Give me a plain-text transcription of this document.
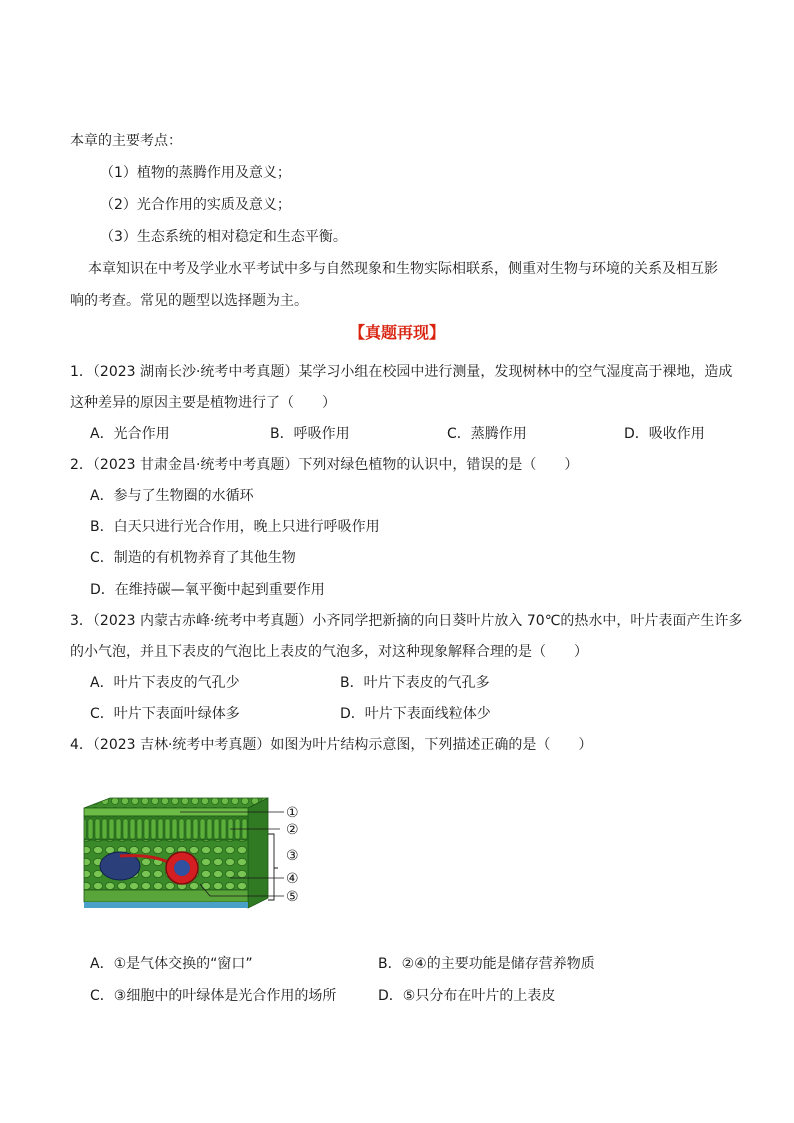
本章的主要考点：
（1）植物的蒸腾作用及意义；
（2）光合作用的实质及意义；
（3）生态系统的相对稳定和生态平衡。
本章知识在中考及学业水平考试中多与自然现象和生物实际相联系，侧重对生物与环境的关系及相互影
响的考查。常见的题型以选择题为主。
【真题再现】
1．（2023 湖南长沙·统考中考真题）某学习小组在校园中进行测量，发现树林中的空气湿度高于裸地，造成
这种差异的原因主要是植物进行了（　　）
A．光合作用	B．呼吸作用	C．蒸腾作用	D．吸收作用
2．（2023 甘肃金昌·统考中考真题）下列对绿色植物的认识中，错误的是（　　）
A．参与了生物圈的水循环
B．白天只进行光合作用，晚上只进行呼吸作用
C．制造的有机物养育了其他生物
D．在维持碳—氧平衡中起到重要作用
3．（2023 内蒙古赤峰·统考中考真题）小齐同学把新摘的向日葵叶片放入 70℃的热水中，叶片表面产生许多
的小气泡，并且下表皮的气泡比上表皮的气泡多，对这种现象解释合理的是（　　）
A．叶片下表皮的气孔少	B．叶片下表皮的气孔多
C．叶片下表面叶绿体多	D．叶片下表面线粒体少
4．（2023 吉林·统考中考真题）如图为叶片结构示意图，下列描述正确的是（　　）
①
②
③
④
⑤
A．①是气体交换的“窗口”	B．②④的主要功能是储存营养物质
C．③细胞中的叶绿体是光合作用的场所	D．⑤只分布在叶片的上表皮
